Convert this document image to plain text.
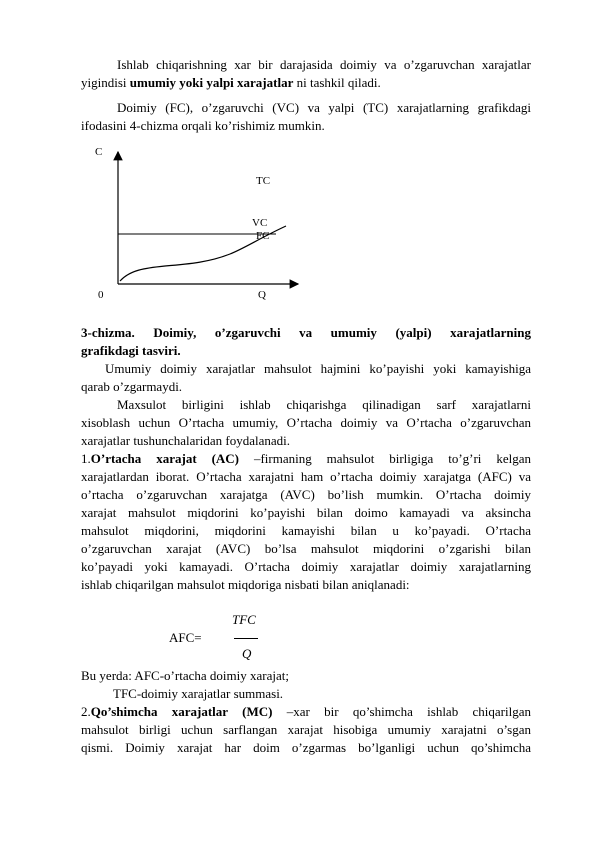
Ishlab chiqarishning xar bir darajasida doimiy va o’zgaruvchan xarajatlar
yigindisi umumiy yoki yalpi xarajatlar ni tashkil qiladi.
Doimiy (FC), o’zgaruvchi (VC) va yalpi (TC) xarajatlarning grafikdagi
ifodasini 4-chizma orqali ko’rishimiz mumkin.
C
0	Q
TC
VC
FC
3-chizma. Doimiy, o’zgaruvchi va umumiy (yalpi) xarajatlarning
grafikdagi tasviri.
Umumiy doimiy xarajatlar mahsulot hajmini ko’payishi yoki kamayishiga
qarab o’zgarmaydi.
Maxsulot birligini ishlab chiqarishga qilinadigan sarf xarajatlarni
xisoblash uchun O’rtacha umumiy, O’rtacha doimiy va O’rtacha o’zgaruvchan
xarajatlar tushunchalaridan foydalanadi.
1.O’rtacha xarajat (AC) –firmaning mahsulot birligiga to’g’ri kelgan
xarajatlardan iborat. O’rtacha xarajatni ham o’rtacha doimiy xarajatga (AFC) va
o’rtacha o’zgaruvchan xarajatga (AVC) bo’lish mumkin. O’rtacha doimiy
xarajat mahsulot miqdorini ko’payishi bilan doimo kamayadi va aksincha
mahsulot miqdorini, miqdorini kamayishi bilan u ko’payadi. O’rtacha
o’zgaruvchan xarajat (AVC) bo’lsa mahsulot miqdorini o’zgarishi bilan
ko’payadi yoki kamayadi. O’rtacha doimiy xarajatlar doimiy xarajatlarning
ishlab chiqarilgan mahsulot miqdoriga nisbati bilan aniqlanadi:
TFC
AFC=
Q
Bu yerda: AFC-o’rtacha doimiy xarajat;
TFC-doimiy xarajatlar summasi.
2.Qo’shimcha xarajatlar (MC) –xar bir qo’shimcha ishlab chiqarilgan
mahsulot birligi uchun sarflangan xarajat hisobiga umumiy xarajatni o’sgan
qismi. Doimiy xarajat har doim o’zgarmas bo’lganligi uchun qo’shimcha
